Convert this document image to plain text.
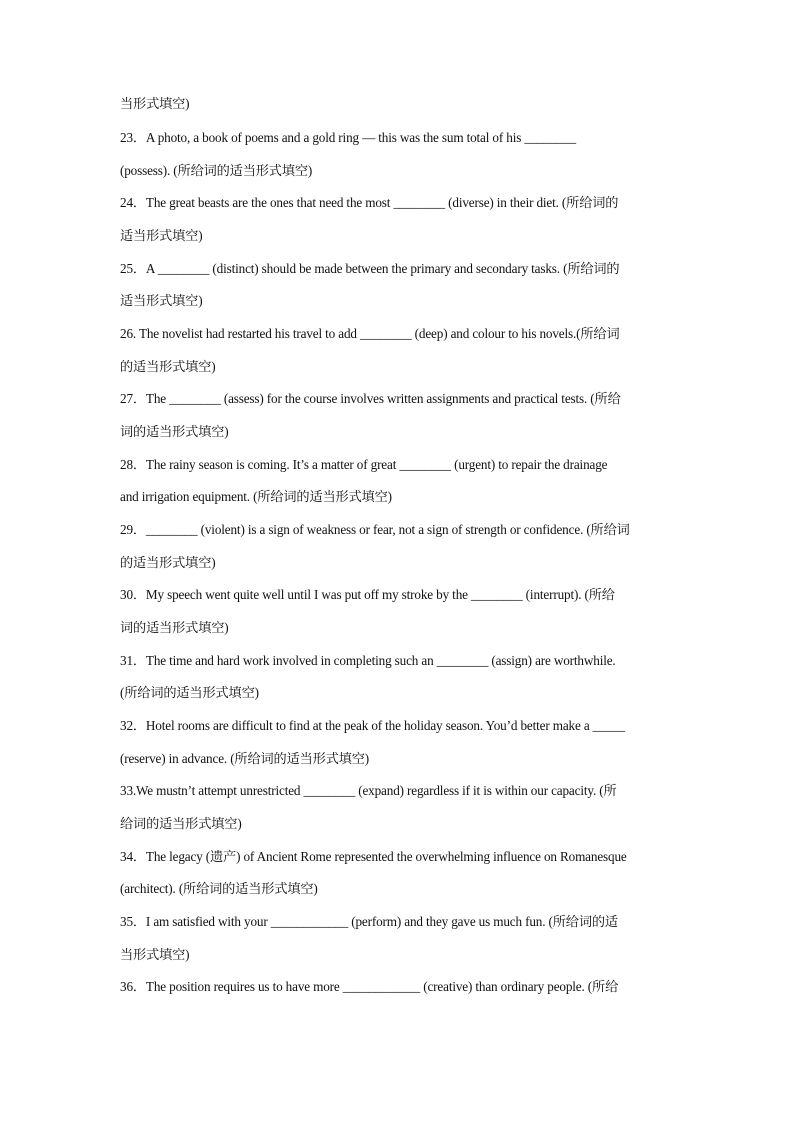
当形式填空)
23．A photo, a book of poems and a gold ring — this was the sum total of his ________
(possess). (所给词的适当形式填空)
24．The great beasts are the ones that need the most ________ (diverse) in their diet. (所给词的
适当形式填空)
25．A ________ (distinct) should be made between the primary and secondary tasks. (所给词的
适当形式填空)
26. The novelist had restarted his travel to add ________ (deep) and colour to his novels.(所给词
的适当形式填空)
27．The ________ (assess) for the course involves written assignments and practical tests. (所给
词的适当形式填空)
28．The rainy season is coming. It’s a matter of great ________ (urgent) to repair the drainage
and irrigation equipment. (所给词的适当形式填空)
29．________ (violent) is a sign of weakness or fear, not a sign of strength or confidence. (所给词
的适当形式填空)
30．My speech went quite well until I was put off my stroke by the ________ (interrupt). (所给
词的适当形式填空)
31．The time and hard work involved in completing such an ________ (assign) are worthwhile.
(所给词的适当形式填空)
32．Hotel rooms are difficult to find at the peak of the holiday season. You’d better make a _____
(reserve) in advance. (所给词的适当形式填空)
33.We mustn’t attempt unrestricted ________ (expand) regardless if it is within our capacity. (所
给词的适当形式填空)
34．The legacy (遗产) of Ancient Rome represented the overwhelming influence on Romanesque
(architect). (所给词的适当形式填空)
35．I am satisfied with your ____________ (perform) and they gave us much fun. (所给词的适
当形式填空)
36．The position requires us to have more ____________ (creative) than ordinary people. (所给
